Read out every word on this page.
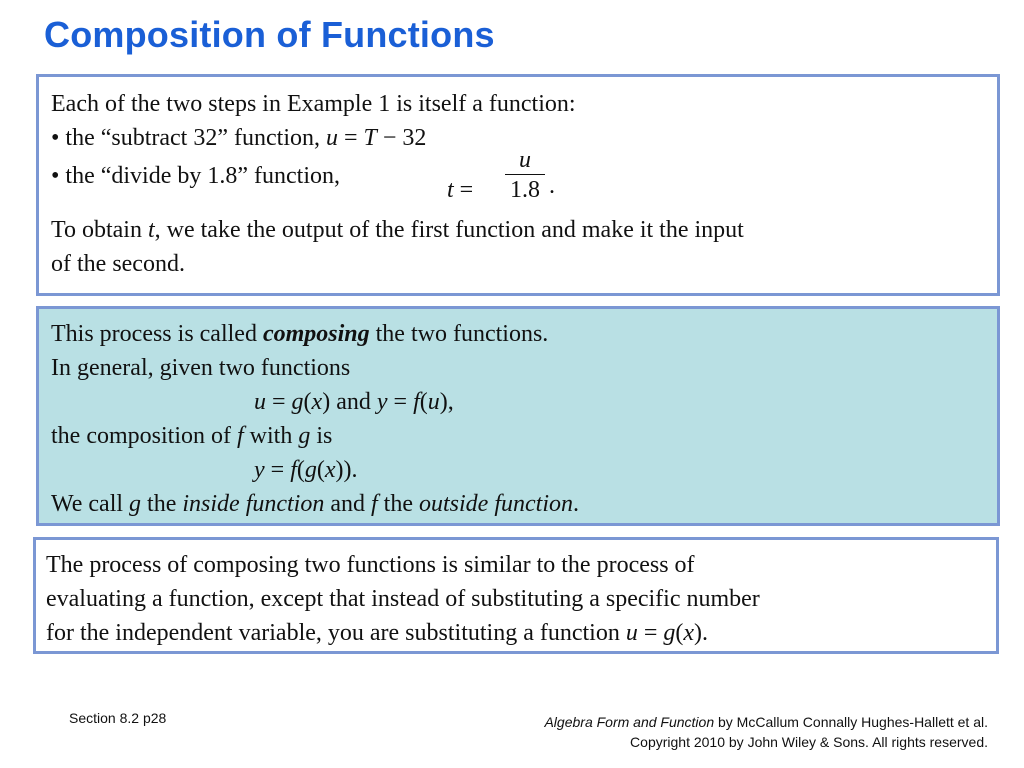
Composition of Functions
Each of the two steps in Example 1 is itself a function:
• the “subtract 32” function, u = T − 32
• the “divide by 1.8” function,
t =
u
1.8 .
To obtain t, we take the output of the first function and make it the input
of the second.
This process is called composing the two functions.
In general, given two functions
u = g(x) and y = f(u),
the composition of f with g is
y = f(g(x)).
We call g the inside function and f the outside function.
The process of composing two functions is similar to the process of
evaluating a function, except that instead of substituting a specific number
for the independent variable, you are substituting a function u = g(x).
Section 8.2 p28	Algebra Form and Function by McCallum Connally Hughes-Hallett et al.
Copyright 2010 by John Wiley & Sons. All rights reserved.
